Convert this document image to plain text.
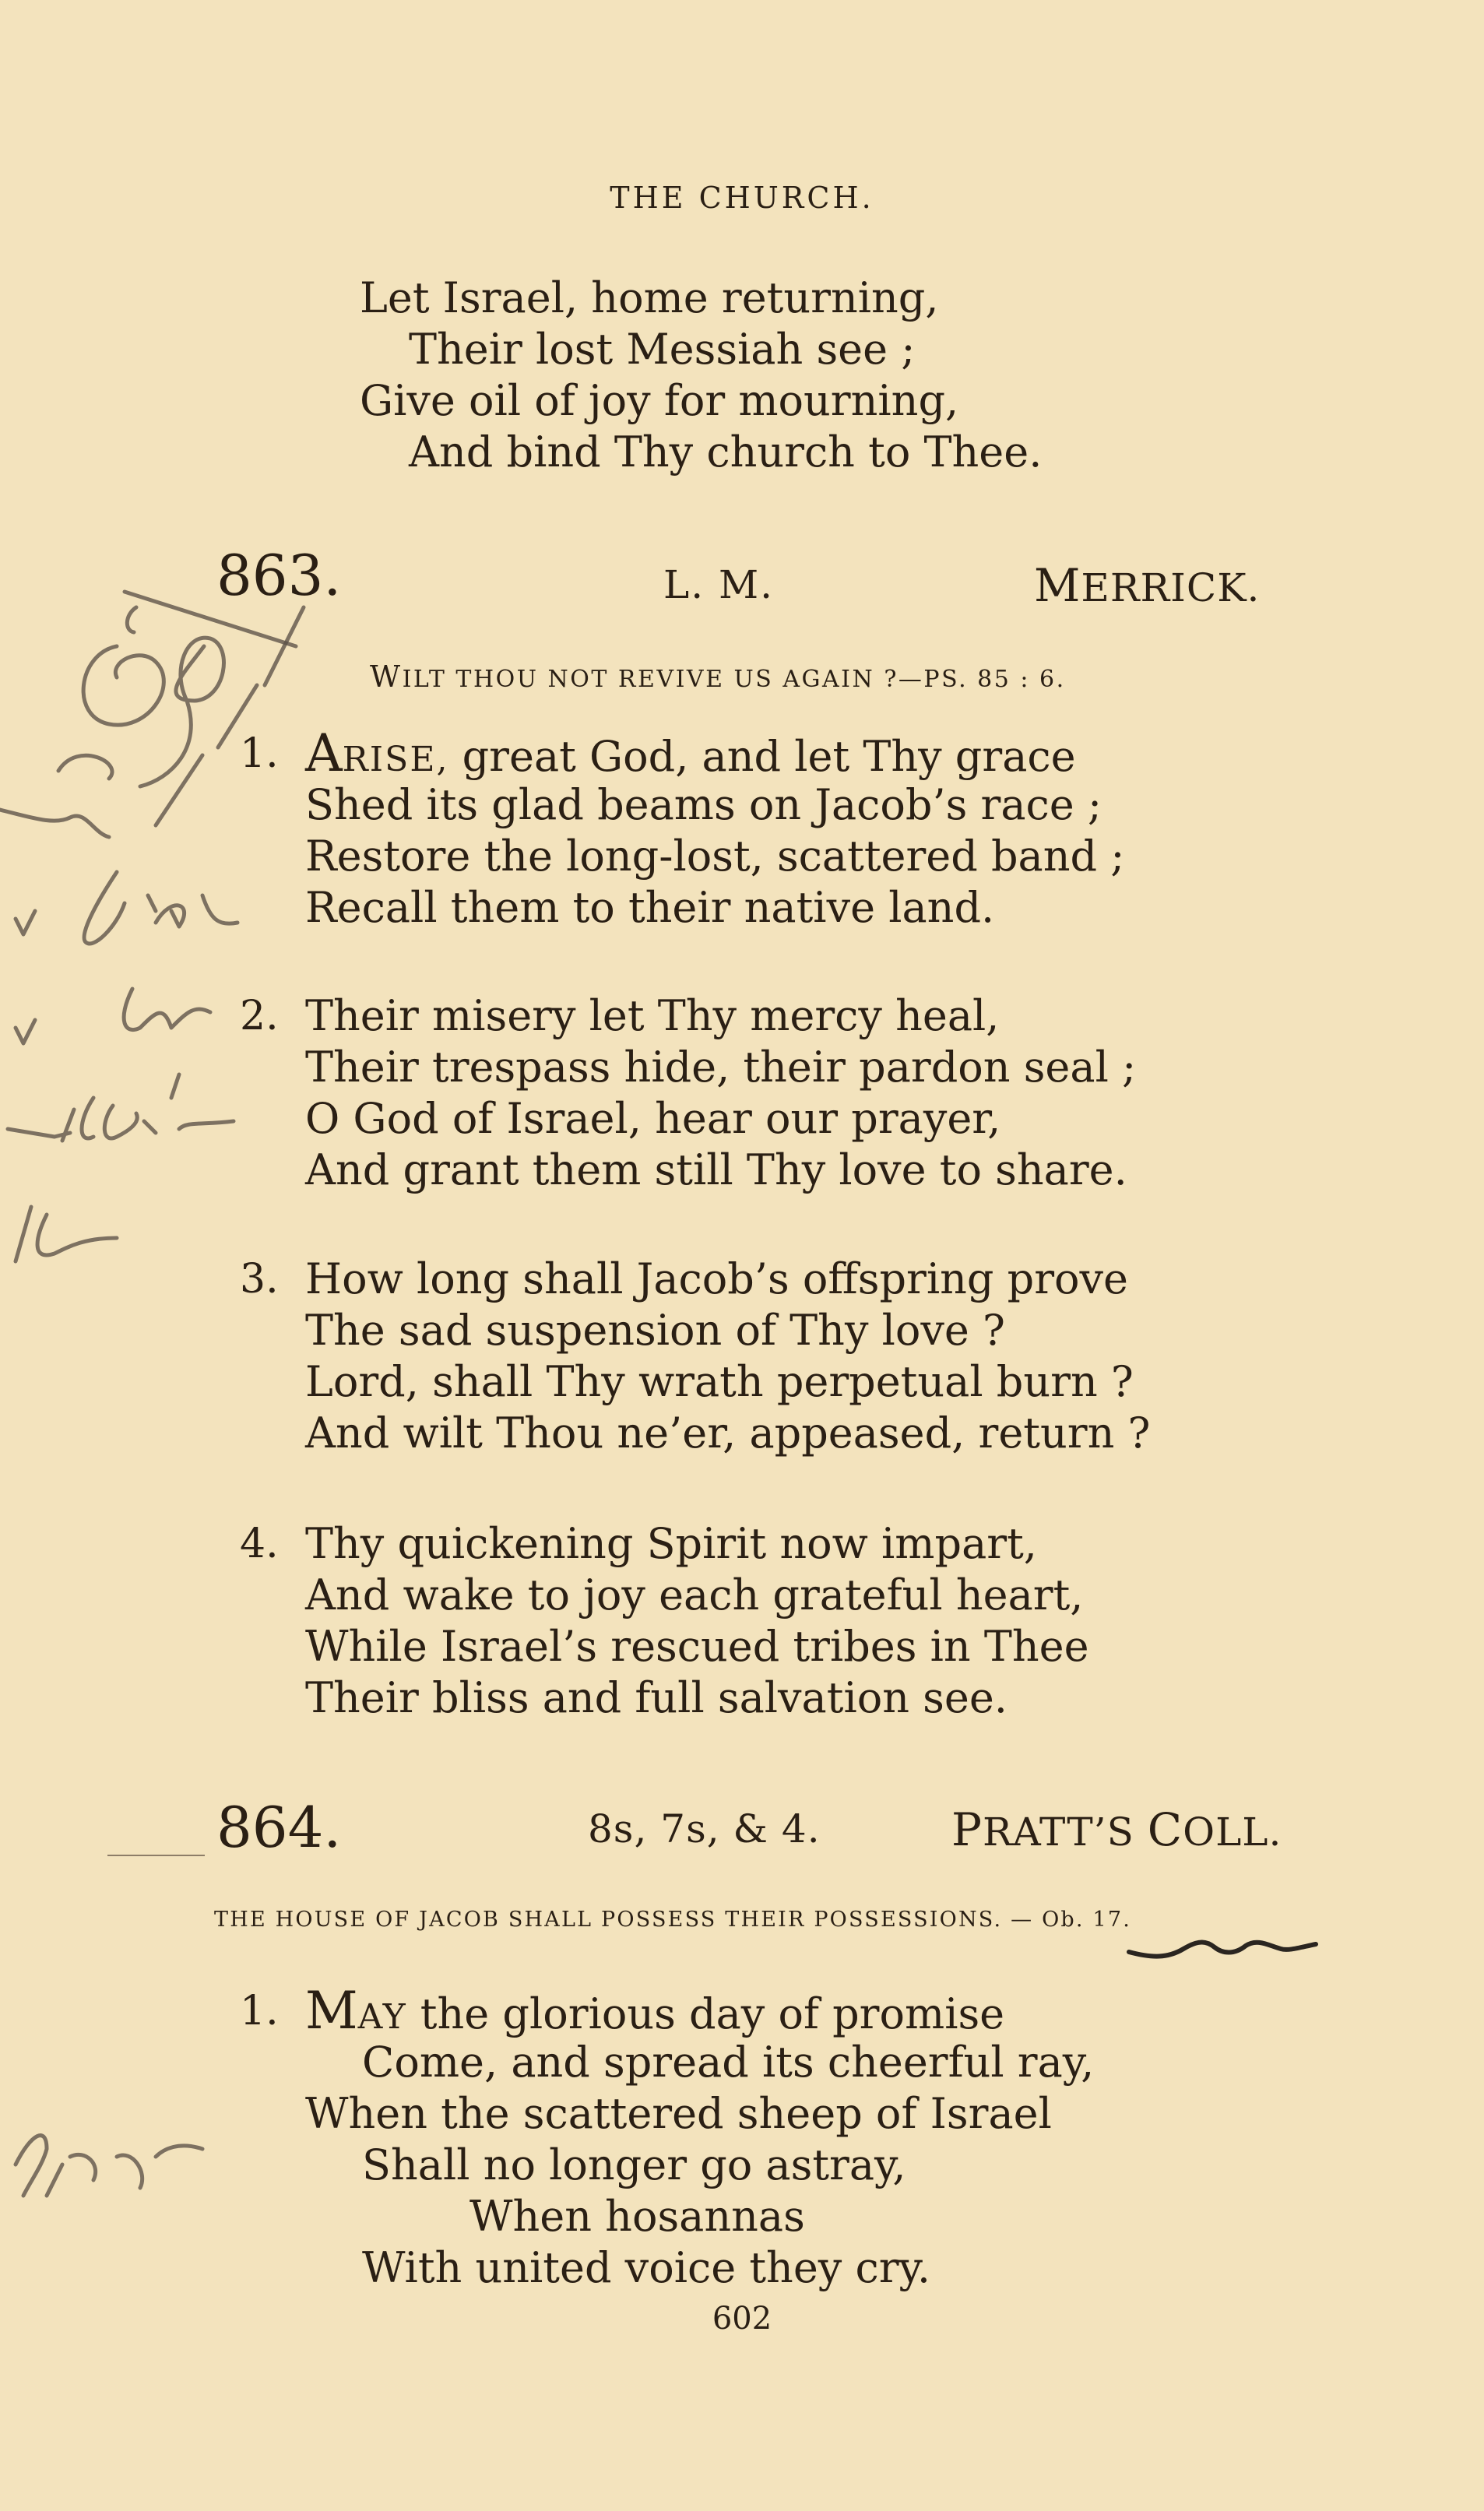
THE CHURCH.
Let Israel, home returning,
Their lost Messiah see ;
Give oil of joy for mourning,
And bind Thy church to Thee.
863.	L. M.	MERRICK.
WILT THOU NOT REVIVE US AGAIN ?—PS. 85 : 6.
1. ARISE, great God, and let Thy grace
Shed its glad beams on Jacob’s race ;
Restore the long-lost, scattered band ;
Recall them to their native land.
2. Their misery let Thy mercy heal,
Their trespass hide, their pardon seal ;
O God of Israel, hear our prayer,
And grant them still Thy love to share.
3. How long shall Jacob’s offspring prove
The sad suspension of Thy love ?
Lord, shall Thy wrath perpetual burn ?
And wilt Thou ne’er, appeased, return ?
4. Thy quickening Spirit now impart,
And wake to joy each grateful heart,
While Israel’s rescued tribes in Thee
Their bliss and full salvation see.
864.	8s, 7s, & 4.	PRATT’S COLL.
THE HOUSE OF JACOB SHALL POSSESS THEIR POSSESSIONS. — Ob. 17.
1. MAY the glorious day of promise
Come, and spread its cheerful ray,
When the scattered sheep of Israel
Shall no longer go astray,
When hosannas
With united voice they cry.
602
